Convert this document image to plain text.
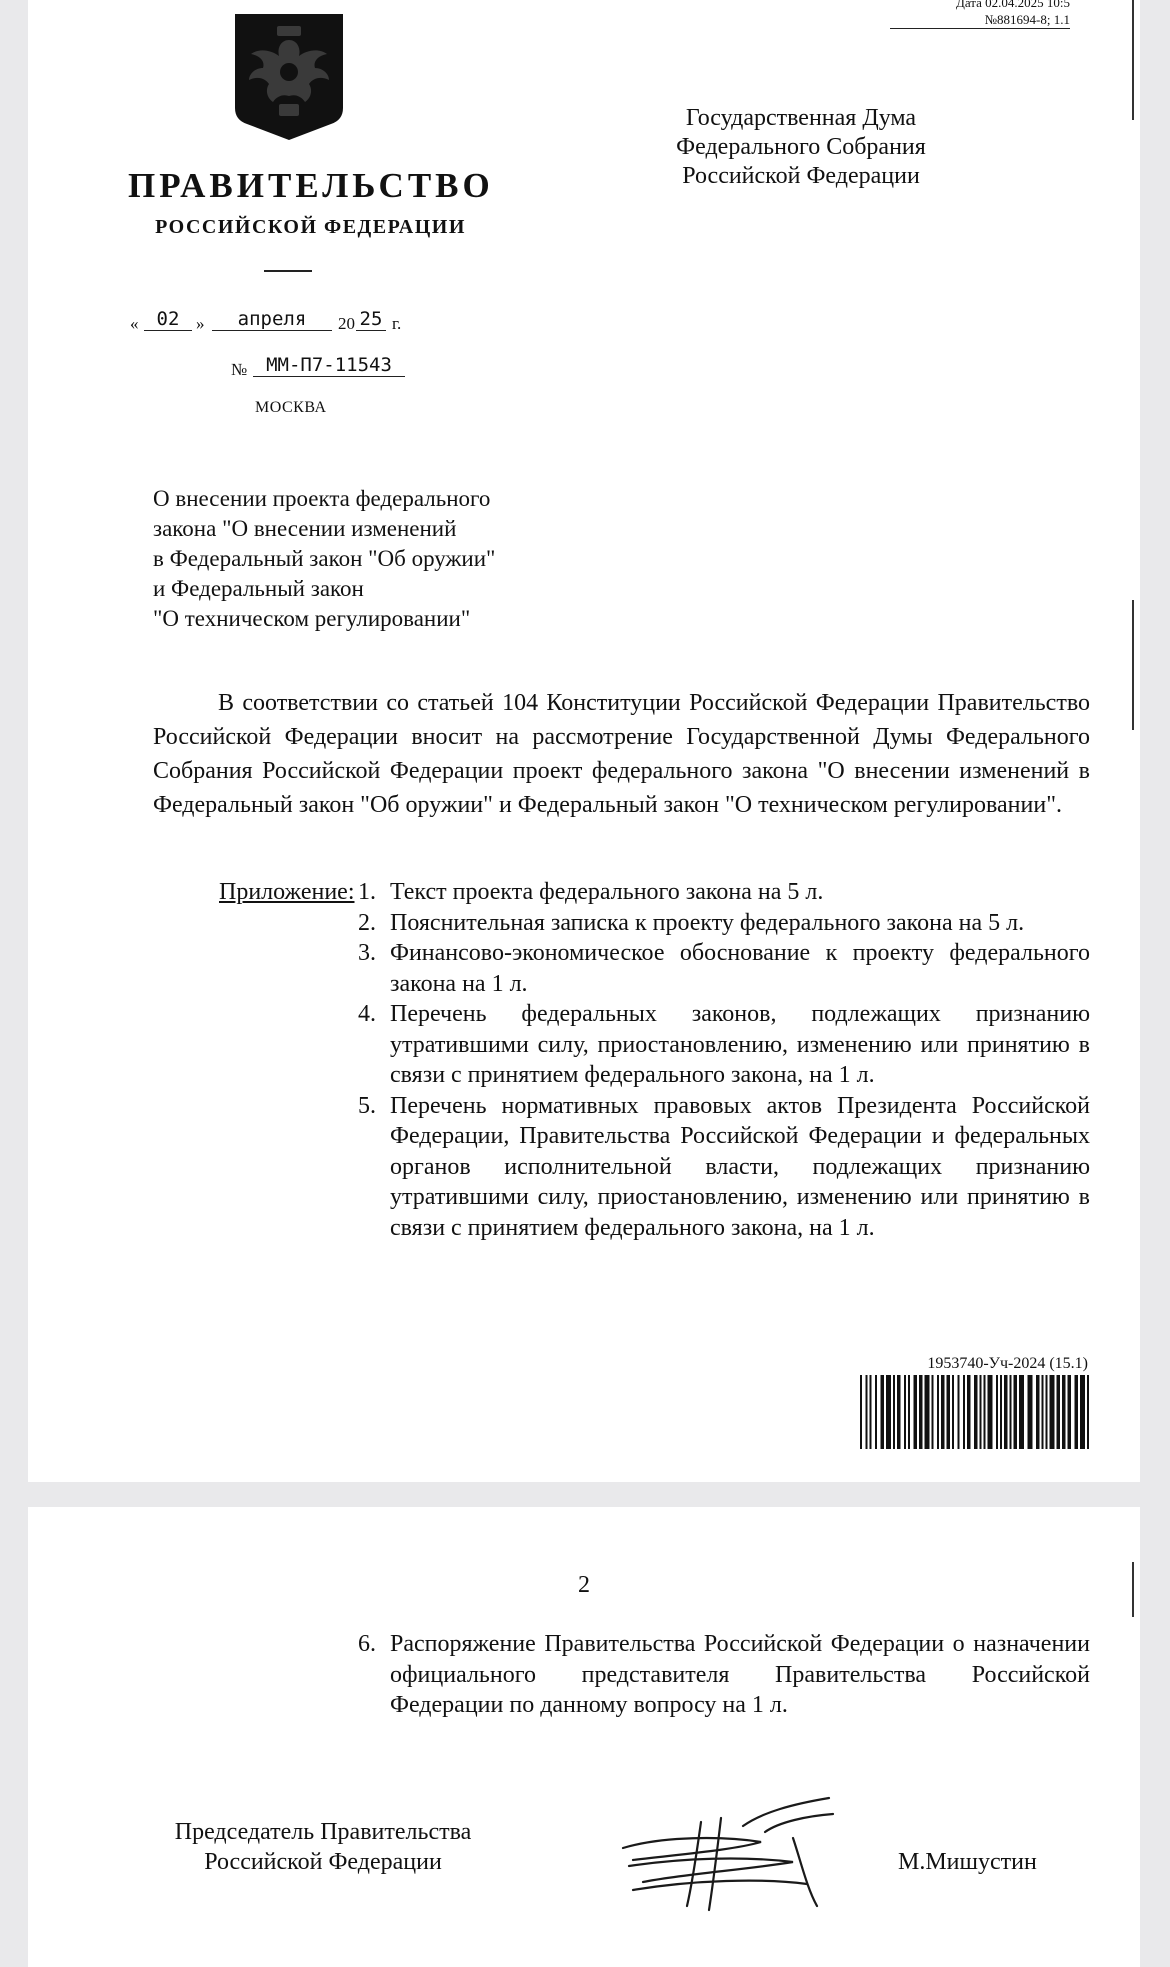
Дата 02.04.2025 10:5
№881694-8; 1.1
ПРАВИТЕЛЬСТВО
РОССИЙСКОЙ ФЕДЕРАЦИИ
Государственная Дума
Федерального Собрания
Российской Федерации
« 02 »	апреля	20 25 г.
№ ММ-П7-11543
МОСКВА
О внесении проекта федерального
закона "О внесении изменений
в Федеральный закон "Об оружии"
и Федеральный закон
"О техническом регулировании"

В соответствии со статьей 104 Конституции Российской Федерации Правительство Российской Федерации вносит на рассмотрение Государственной Думы Федерального Собрания Российской Федерации проект федерального закона "О внесении изменений в Федеральный закон "Об оружии" и Федеральный закон "О техническом регулировании".

Приложение: 1. Текст проекта федерального закона на 5 л.
2. Пояснительная записка к проекту федерального закона на 5 л.
3. Финансово-экономическое обоснование к проекту федерального закона на 1 л.
4. Перечень федеральных законов, подлежащих признанию утратившими силу, приостановлению, изменению или принятию в связи с принятием федерального закона, на 1 л.
5. Перечень нормативных правовых актов Президента Российской Федерации, Правительства Российской Федерации и федеральных органов исполнительной власти, подлежащих признанию утратившими силу, приостановлению, изменению или принятию в связи с принятием федерального закона, на 1 л.
1953740-Уч-2024 (15.1)
2
6. Распоряжение Правительства Российской Федерации о назначении официального представителя Правительства Российской Федерации по данному вопросу на 1 л.
Председатель Правительства
Российской Федерации	М.Мишустин
